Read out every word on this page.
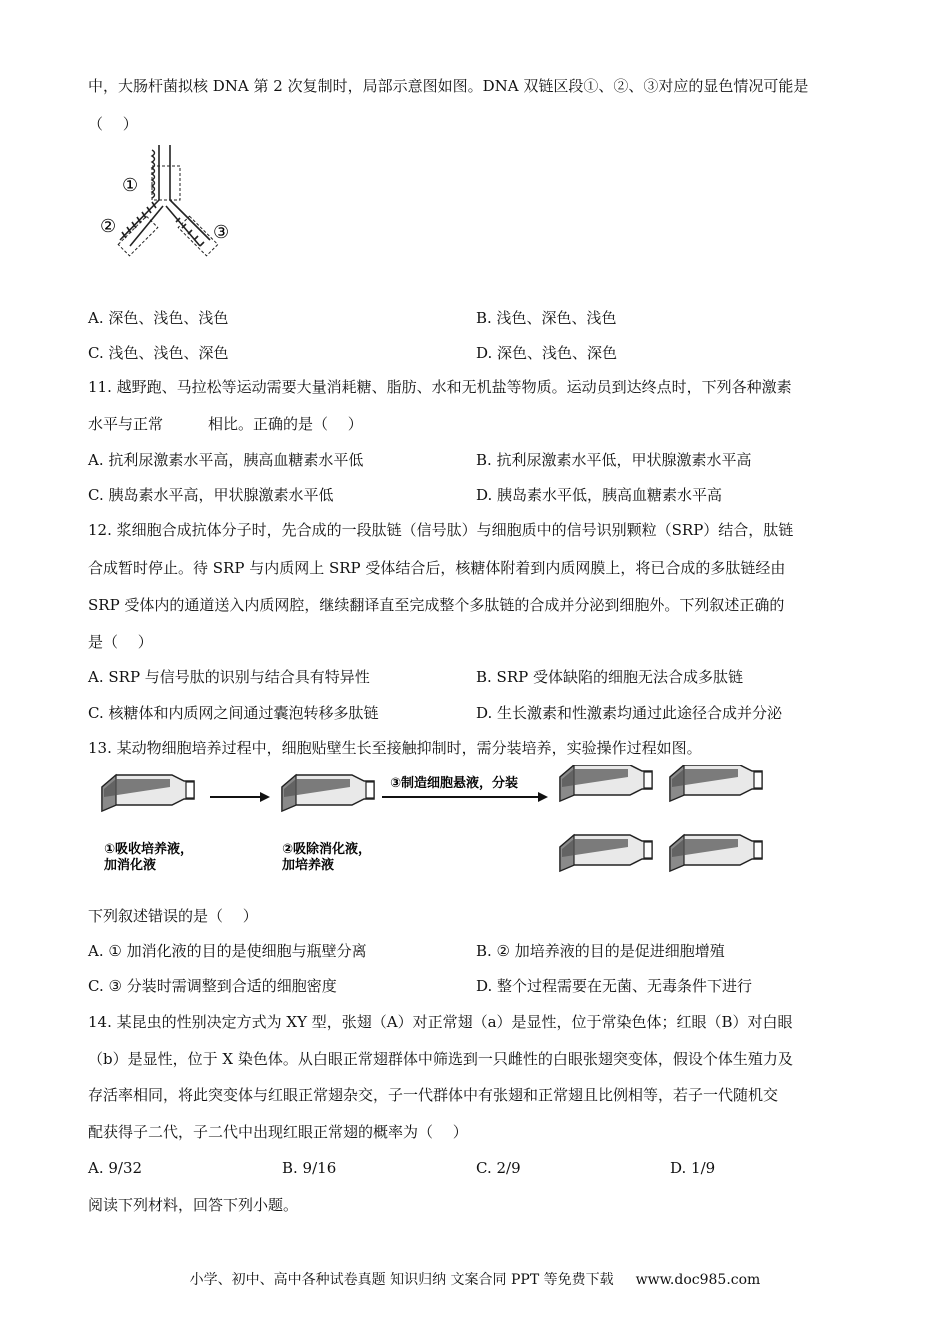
中，大肠杆菌拟核 DNA 第 2 次复制时，局部示意图如图。DNA 双链区段①、②、③对应的显色情况可能是
（　 ）
①
②	③
A. 深色、浅色、浅色	B. 浅色、深色、浅色
C. 浅色、浅色、深色	D. 深色、浅色、深色
11. 越野跑、马拉松等运动需要大量消耗糖、脂肪、水和无机盐等物质。运动员到达终点时，下列各种激素
水平与正常　　　相比。正确的是（　 ）
A. 抗利尿激素水平高，胰高血糖素水平低	B. 抗利尿激素水平低，甲状腺激素水平高
C. 胰岛素水平高，甲状腺激素水平低	D. 胰岛素水平低，胰高血糖素水平高
12. 浆细胞合成抗体分子时，先合成的一段肽链（信号肽）与细胞质中的信号识别颗粒（SRP）结合，肽链
合成暂时停止。待 SRP 与内质网上 SRP 受体结合后，核糖体附着到内质网膜上，将已合成的多肽链经由
SRP 受体内的通道送入内质网腔，继续翻译直至完成整个多肽链的合成并分泌到细胞外。下列叙述正确的
是（　 ）
A. SRP 与信号肽的识别与结合具有特异性	B. SRP 受体缺陷的细胞无法合成多肽链
C. 核糖体和内质网之间通过囊泡转移多肽链	D. 生长激素和性激素均通过此途径合成并分泌
13. 某动物细胞培养过程中，细胞贴壁生长至接触抑制时，需分装培养，实验操作过程如图。
①吸收培养液，
加消化液
②吸除消化液，
加培养液
③制造细胞悬液，分装
下列叙述错误的是（　 ）
A. ① 加消化液的目的是使细胞与瓶壁分离	B. ② 加培养液的目的是促进细胞增殖
C. ③ 分装时需调整到合适的细胞密度	D. 整个过程需要在无菌、无毒条件下进行
14. 某昆虫的性别决定方式为 XY 型，张翅（A）对正常翅（a）是显性，位于常染色体；红眼（B）对白眼
（b）是显性，位于 X 染色体。从白眼正常翅群体中筛选到一只雌性的白眼张翅突变体，假设个体生殖力及
存活率相同，将此突变体与红眼正常翅杂交，子一代群体中有张翅和正常翅且比例相等，若子一代随机交
配获得子二代，子二代中出现红眼正常翅的概率为（　 ）
A. 9/32	B. 9/16	C. 2/9	D. 1/9
阅读下列材料，回答下列小题。
小学、初中、高中各种试卷真题 知识归纳 文案合同 PPT 等免费下载 www.doc985.com
